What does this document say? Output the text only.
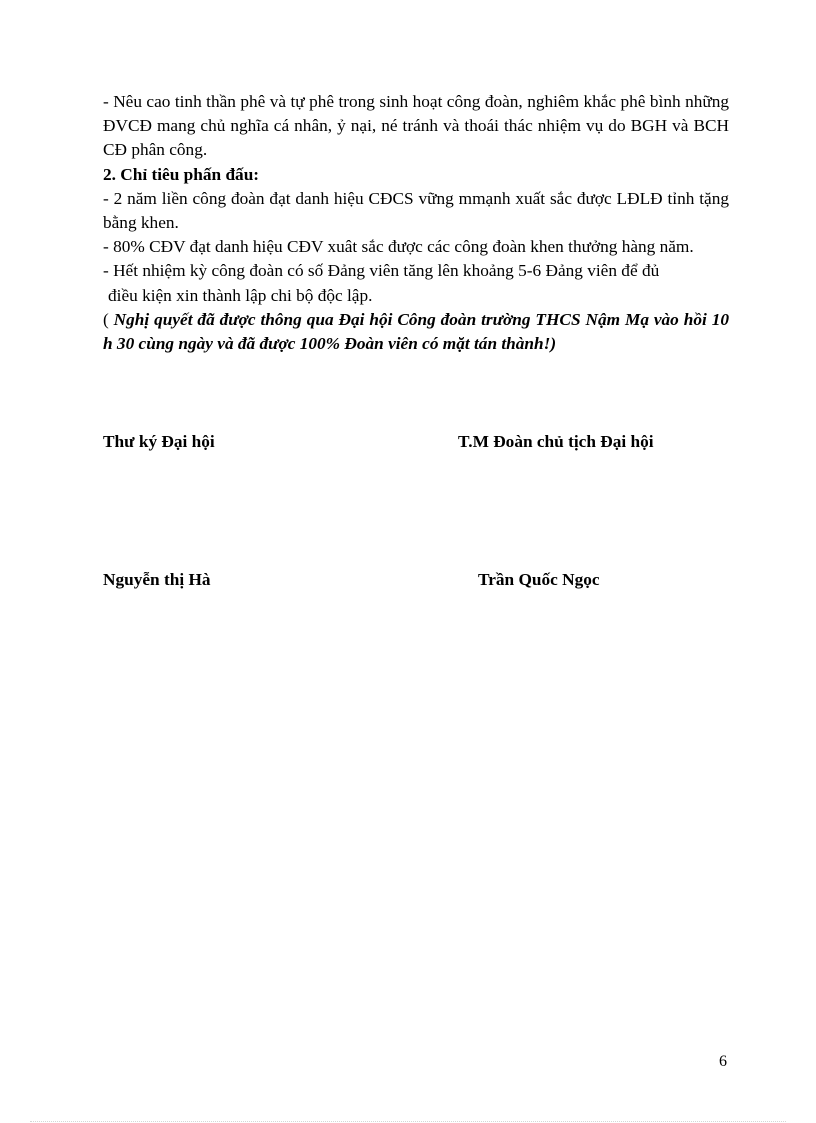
- Nêu cao tinh thần phê và tự phê trong sinh hoạt công đoàn, nghiêm khắc phê bình những ĐVCĐ mang chủ nghĩa cá nhân, ỷ nại, né tránh và thoái thác nhiệm vụ do BGH và BCH CĐ phân công.

2. Chỉ tiêu phấn đấu:

- 2 năm liền công đoàn đạt danh hiệu CĐCS vững mmạnh xuất sắc được LĐLĐ tỉnh tặng bằng khen.

- 80% CĐV đạt danh hiệu CĐV xuât sắc được các công đoàn khen thưởng hàng năm.

- Hết nhiệm kỳ công đoàn có số Đảng viên tăng lên khoảng 5-6 Đảng viên để đủ

điều kiện xin thành lập chi bộ độc lập.

( Nghị quyết đã được thông qua Đại hội Công đoàn trường THCS Nậm Mạ vào hồi 10 h 30 cùng ngày và đã được 100% Đoàn viên có mặt tán thành!)

Thư ký Đại hội	T.M Đoàn chủ tịch Đại hội
Nguyễn thị Hà	Trần Quốc Ngọc
6
